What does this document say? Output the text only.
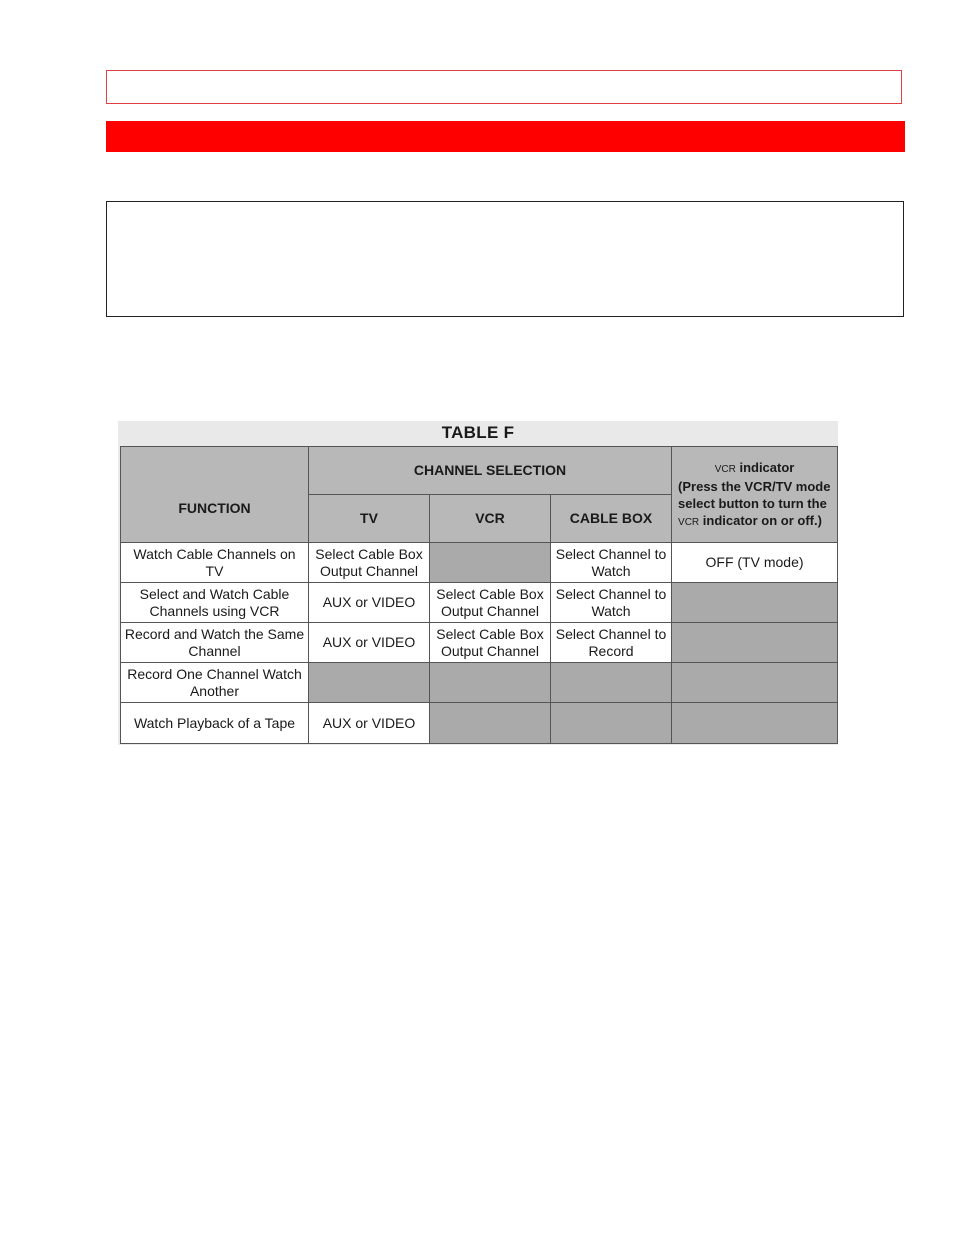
TABLE F
FUNCTION	CHANNEL SELECTION			VCR indicator
(Press the VCR/TV mode select button to turn the VCR indicator on or off.)

	TV	VCR	CABLE BOX	
Watch Cable Channels on TV	Select Cable Box Output Channel		Select Channel to Watch	OFF (TV mode)
Select and Watch Cable Channels using VCR	AUX or VIDEO	Select Cable Box Output Channel	Select Channel to Watch	
Record and Watch the Same Channel	AUX or VIDEO	Select Cable Box Output Channel	Select Channel to Record	
Record One Channel Watch Another				
Watch Playback of a Tape	AUX or VIDEO			
